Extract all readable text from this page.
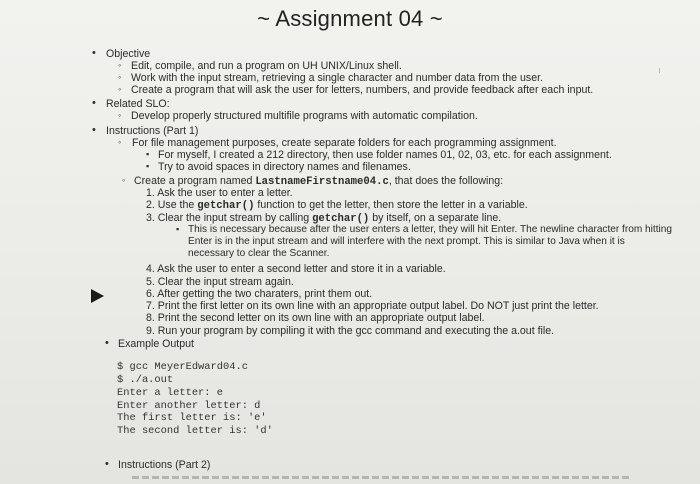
~ Assignment 04 ~
• Objective
◦ Edit, compile, and run a program on UH UNIX/Linux shell.
◦ Work with the input stream, retrieving a single character and number data from the user.
◦ Create a program that will ask the user for letters, numbers, and provide feedback after each input.
• Related SLO:
◦ Develop properly structured multifile programs with automatic compilation.
• Instructions (Part 1)
◦ For file management purposes, create separate folders for each programming assignment.
▪ For myself, I created a 212 directory, then use folder names 01, 02, 03, etc. for each assignment.
▪ Try to avoid spaces in directory names and filenames.
◦ Create a program named LastnameFirstname04.c, that does the following:
1. Ask the user to enter a letter.
2. Use the getchar() function to get the letter, then store the letter in a variable.
3. Clear the input stream by calling getchar() by itself, on a separate line.
▪ This is necessary because after the user enters a letter, they will hit Enter. The newline character from hitting
Enter is in the input stream and will interfere with the next prompt. This is similar to Java when it is
necessary to clear the Scanner.
4. Ask the user to enter a second letter and store it in a variable.
5. Clear the input stream again.
6. After getting the two charaters, print them out.
7. Print the first letter on its own line with an appropriate output label. Do NOT just print the letter.
8. Print the second letter on its own line with an appropriate output label.
9. Run your program by compiling it with the gcc command and executing the a.out file.
• Example Output
$ gcc MeyerEdward04.c
$ ./a.out
Enter a letter: e
Enter another letter: d
The first letter is: 'e'
The second letter is: 'd'
• Instructions (Part 2)
